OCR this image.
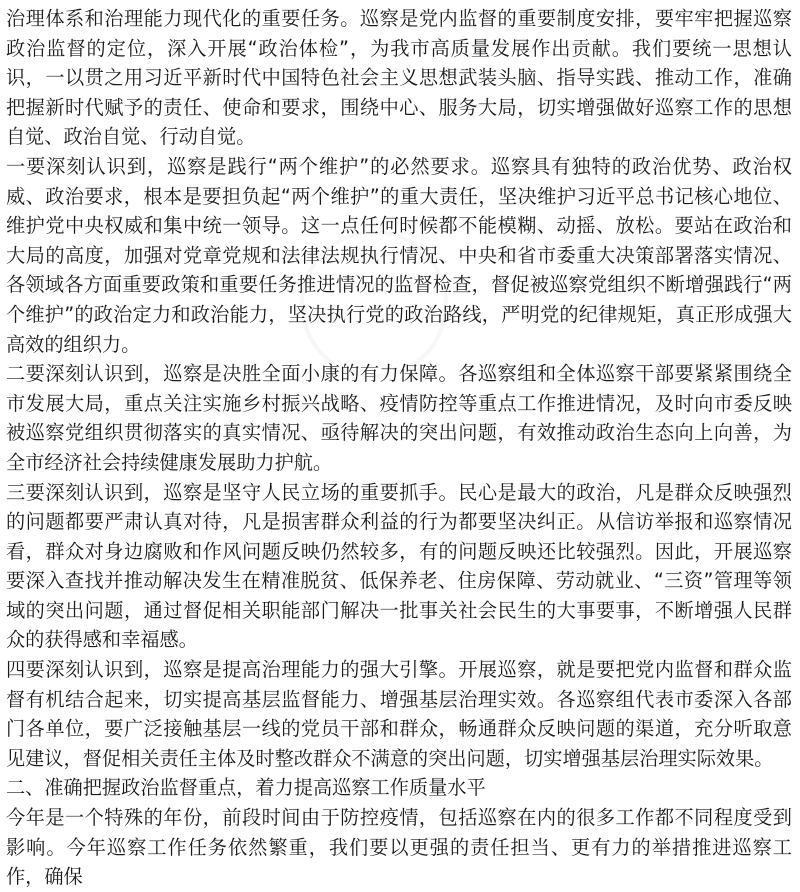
治理体系和治理能力现代化的重要任务。巡察是党内监督的重要制度安排，要牢牢把握巡察政治监督的定位，深入开展“政治体检”，为我市高质量发展作出贡献。我们要统一思想认识，一以贯之用习近平新时代中国特色社会主义思想武装头脑、指导实践、推动工作，准确把握新时代赋予的责任、使命和要求，围绕中心、服务大局，切实增强做好巡察工作的思想自觉、政治自觉、行动自觉。

一要深刻认识到，巡察是践行“两个维护”的必然要求。巡察具有独特的政治优势、政治权威、政治要求，根本是要担负起“两个维护”的重大责任，坚决维护习近平总书记核心地位、维护党中央权威和集中统一领导。这一点任何时候都不能模糊、动摇、放松。要站在政治和大局的高度，加强对党章党规和法律法规执行情况、中央和省市委重大决策部署落实情况、各领域各方面重要政策和重要任务推进情况的监督检查，督促被巡察党组织不断增强践行“两个维护”的政治定力和政治能力，坚决执行党的政治路线，严明党的纪律规矩，真正形成强大高效的组织力。

二要深刻认识到，巡察是决胜全面小康的有力保障。各巡察组和全体巡察干部要紧紧围绕全市发展大局，重点关注实施乡村振兴战略、疫情防控等重点工作推进情况，及时向市委反映被巡察党组织贯彻落实的真实情况、亟待解决的突出问题，有效推动政治生态向上向善，为全市经济社会持续健康发展助力护航。

三要深刻认识到，巡察是坚守人民立场的重要抓手。民心是最大的政治，凡是群众反映强烈的问题都要严肃认真对待，凡是损害群众利益的行为都要坚决纠正。从信访举报和巡察情况看，群众对身边腐败和作风问题反映仍然较多，有的问题反映还比较强烈。因此，开展巡察要深入查找并推动解决发生在精准脱贫、低保养老、住房保障、劳动就业、“三资”管理等领域的突出问题，通过督促相关职能部门解决一批事关社会民生的大事要事，不断增强人民群众的获得感和幸福感。

四要深刻认识到，巡察是提高治理能力的强大引擎。开展巡察，就是要把党内监督和群众监督有机结合起来，切实提高基层监督能力、增强基层治理实效。各巡察组代表市委深入各部门各单位，要广泛接触基层一线的党员干部和群众，畅通群众反映问题的渠道，充分听取意见建议，督促相关责任主体及时整改群众不满意的突出问题，切实增强基层治理实际效果。

二、准确把握政治监督重点，着力提高巡察工作质量水平

今年是一个特殊的年份，前段时间由于防控疫情，包括巡察在内的很多工作都不同程度受到影响。今年巡察工作任务依然繁重，我们要以更强的责任担当、更有力的举措推进巡察工作，确保
